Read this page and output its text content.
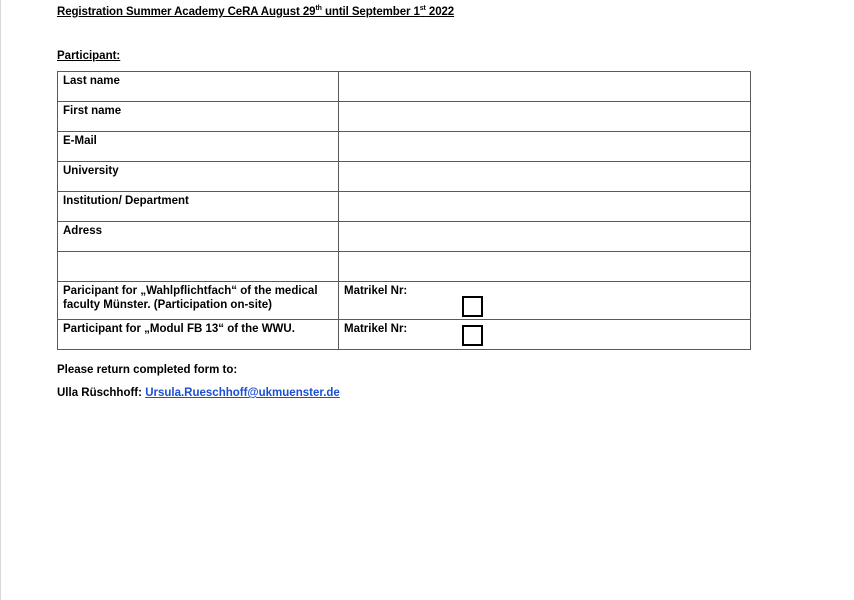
Registration Summer Academy CeRA August 29th until September 1st 2022
Participant:
Last name	
First name	
E-Mail	
University	
Institution/ Department	
Adress	

Paricipant for „Wahlpflichtfach“ of the medical
faculty Münster. (Participation on-site)	Matrikel Nr:

Participant for „Modul FB 13“ of the WWU.	Matrikel Nr:
Please return completed form to:
Ulla Rüschhoff: Ursula.Rueschhoff@ukmuenster.de
